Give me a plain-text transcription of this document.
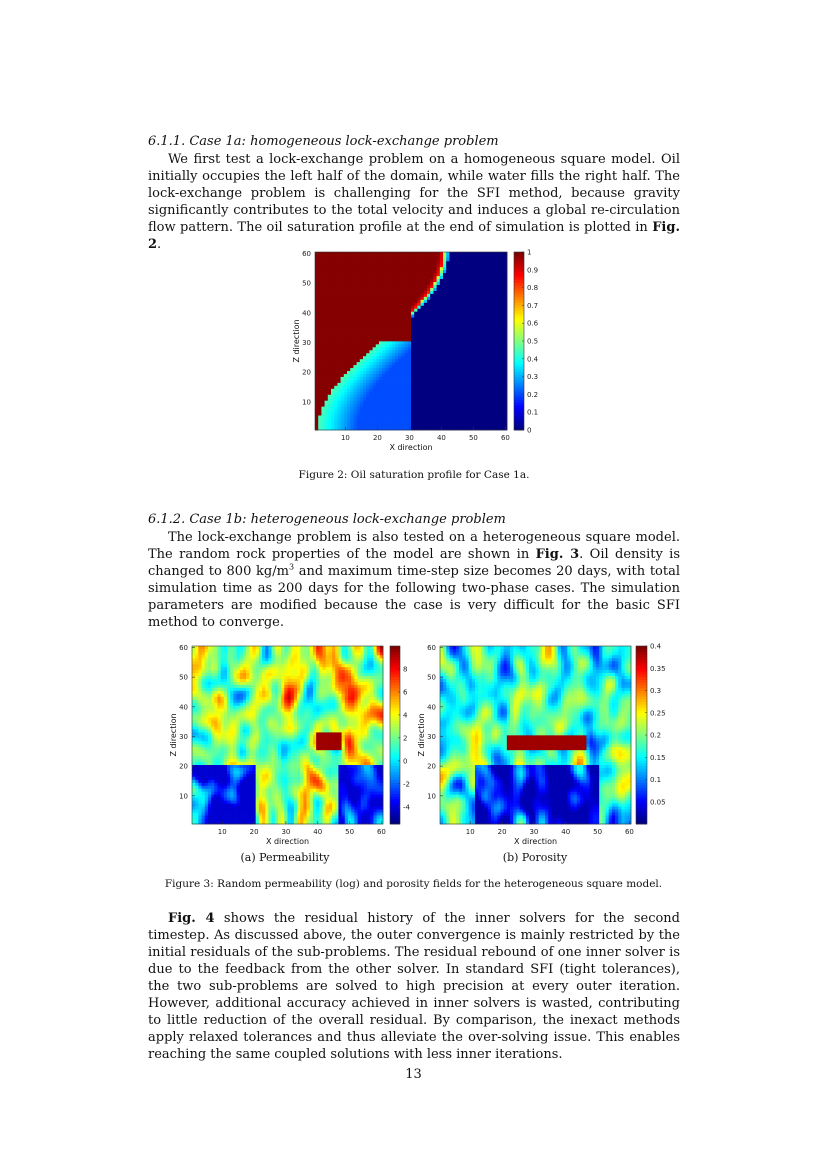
6.1.1. Case 1a: homogeneous lock-exchange problem

We first test a lock-exchange problem on a homogeneous square model. Oil initially occupies the left half of the domain, while water fills the right half. The lock-exchange problem is challenging for the SFI method, because gravity significantly contributes to the total velocity and induces a global re-circulation flow pattern. The oil saturation profile at the end of simulation is plotted in Fig. 2.

10	20	30	40	50	60
10
20
30
40
50
60
X direction
Z direction
0
0.1
0.2
0.3
0.4
0.5
0.6
0.7
0.8
0.9
1
Figure 2: Oil saturation profile for Case 1a.
6.1.2. Case 1b: heterogeneous lock-exchange problem

The lock-exchange problem is also tested on a heterogeneous square model. The random rock properties of the model are shown in Fig. 3. Oil density is changed to 800 $kg/m^3$ and maximum time-step size becomes 20 days, with total simulation time as 200 days for the following two-phase cases. The simulation parameters are modified because the case is very difficult for the basic SFI method to converge.

10	20	30	40	50	60
10
20
30
40
50
60
X direction
Z direction
-4
-2
0
2
4
6
8
(a) Permeability
10	20	30	40	50	60
10
20
30
40
50
60
X direction
Z direction
0.05
0.1
0.15
0.2
0.25
0.3
0.35
0.4
(b) Porosity
Figure 3: Random permeability (log) and porosity fields for the heterogeneous square model.

Fig. 4 shows the residual history of the inner solvers for the second timestep. As discussed above, the outer convergence is mainly restricted by the initial residuals of the sub-problems. The residual rebound of one inner solver is due to the feedback from the other solver. In standard SFI (tight tolerances), the two sub-problems are solved to high precision at every outer iteration. However, additional accuracy achieved in inner solvers is wasted, contributing to little reduction of the overall residual. By comparison, the inexact methods apply relaxed tolerances and thus alleviate the over-solving issue. This enables reaching the same coupled solutions with less inner iterations.

13
